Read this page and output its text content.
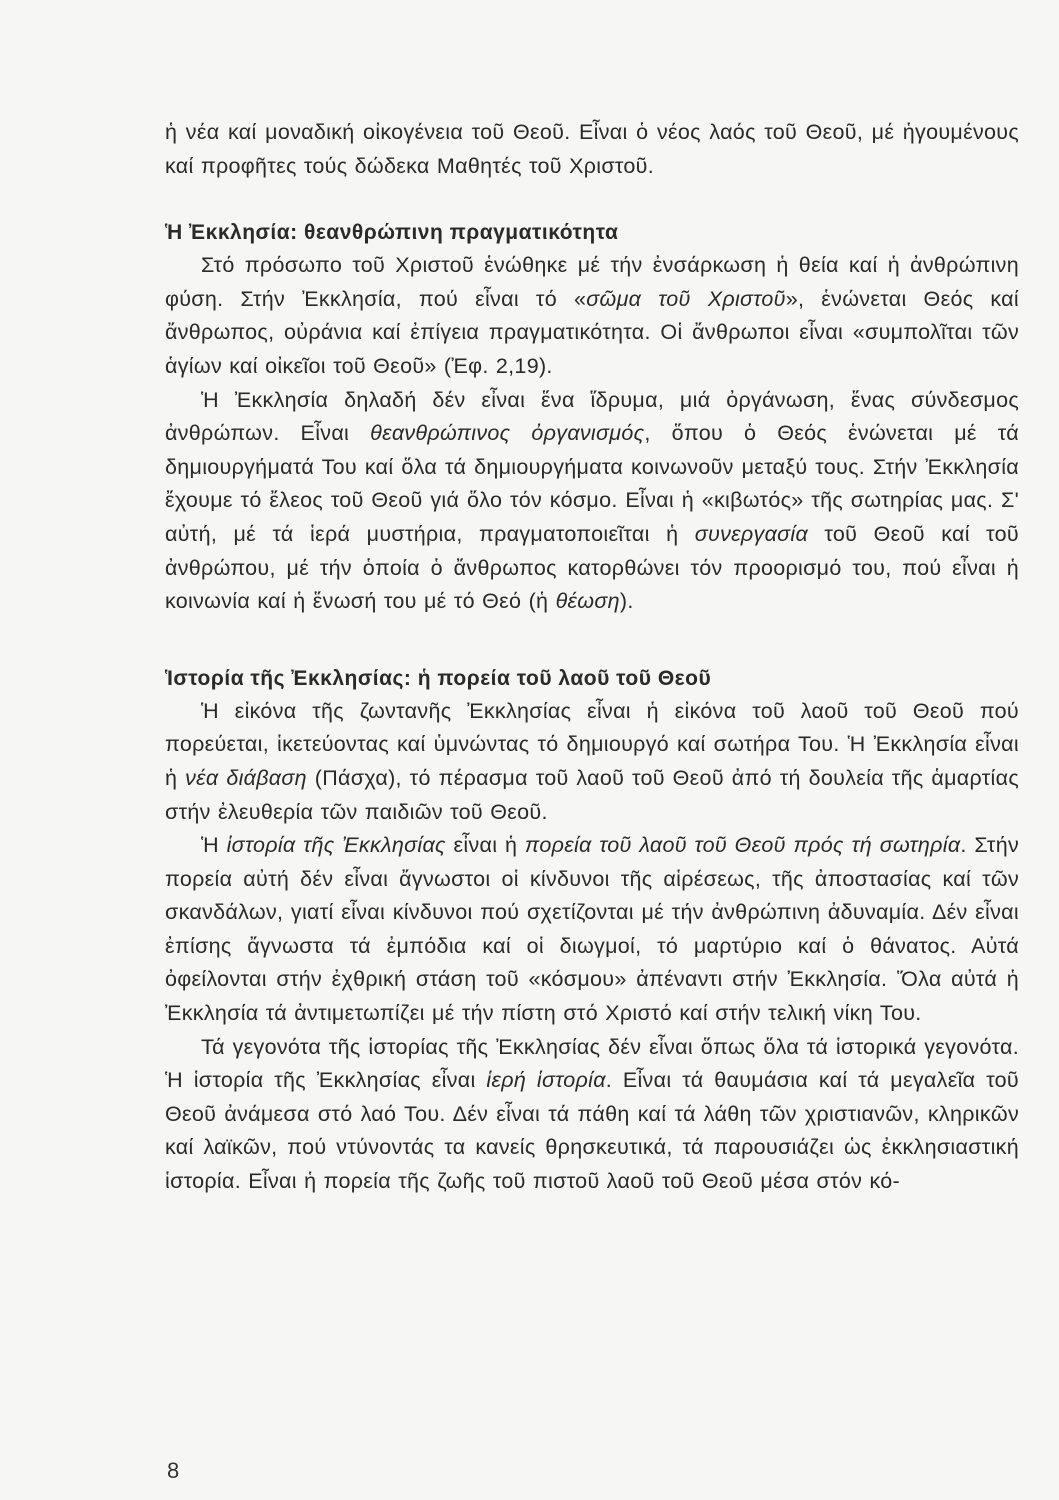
ἡ νέα καί μοναδική οἰκογένεια τοῦ Θεοῦ. Εἶναι ὁ νέος λαός τοῦ Θεοῦ, μέ ἡγουμένους καί προφῆτες τούς δώδεκα Μαθητές τοῦ Χριστοῦ.

Ἡ Ἐκκλησία: θεανθρώπινη πραγματικότητα

Στό πρόσωπο τοῦ Χριστοῦ ἑνώθηκε μέ τήν ἐνσάρκωση ἡ θεία καί ἡ ἀνθρώπινη φύση. Στήν Ἐκκλησία, πού εἶναι τό «σῶμα τοῦ Χριστοῦ», ἑνώνεται Θεός καί ἄνθρωπος, οὐράνια καί ἐπίγεια πραγματικότητα. Οἱ ἄνθρωποι εἶναι «συμπολῖται τῶν ἁγίων καί οἰκεῖοι τοῦ Θεοῦ» (Ἐφ. 2,19).

Ἡ Ἐκκλησία δηλαδή δέν εἶναι ἕνα ἵδρυμα, μιά ὀργάνωση, ἕνας σύνδεσμος ἀνθρώπων. Εἶναι θεανθρώπινος ὀργανισμός, ὅπου ὁ Θεός ἑνώνεται μέ τά δημιουργήματά Του καί ὅλα τά δημιουργήματα κοινωνοῦν μεταξύ τους. Στήν Ἐκκλησία ἔχουμε τό ἔλεος τοῦ Θεοῦ γιά ὅλο τόν κόσμο. Εἶναι ἡ «κιβωτός» τῆς σωτηρίας μας. Σ' αὐτή, μέ τά ἱερά μυστήρια, πραγματοποιεῖται ἡ συνεργασία τοῦ Θεοῦ καί τοῦ ἀνθρώπου, μέ τήν ὁποία ὁ ἄνθρωπος κατορθώνει τόν προορισμό του, πού εἶναι ἡ κοινωνία καί ἡ ἕνωσή του μέ τό Θεό (ἡ θέωση).

Ἱστορία τῆς Ἐκκλησίας: ἡ πορεία τοῦ λαοῦ τοῦ Θεοῦ

Ἡ εἰκόνα τῆς ζωντανῆς Ἐκκλησίας εἶναι ἡ εἰκόνα τοῦ λαοῦ τοῦ Θεοῦ πού πορεύεται, ἱκετεύοντας καί ὑμνώντας τό δημιουργό καί σωτήρα Του. Ἡ Ἐκκλησία εἶναι ἡ νέα διάβαση (Πάσχα), τό πέρασμα τοῦ λαοῦ τοῦ Θεοῦ ἀπό τή δουλεία τῆς ἁμαρτίας στήν ἐλευθερία τῶν παιδιῶν τοῦ Θεοῦ.

Ἡ ἱστορία τῆς Ἐκκλησίας εἶναι ἡ πορεία τοῦ λαοῦ τοῦ Θεοῦ πρός τή σωτηρία. Στήν πορεία αὐτή δέν εἶναι ἄγνωστοι οἱ κίνδυνοι τῆς αἱρέσεως, τῆς ἀποστασίας καί τῶν σκανδάλων, γιατί εἶναι κίνδυνοι πού σχετίζονται μέ τήν ἀνθρώπινη ἀδυναμία. Δέν εἶναι ἐπίσης ἄγνωστα τά ἐμπόδια καί οἱ διωγμοί, τό μαρτύριο καί ὁ θάνατος. Αὐτά ὀφείλονται στήν ἐχθρική στάση τοῦ «κόσμου» ἀπέναντι στήν Ἐκκλησία. Ὅλα αὐτά ἡ Ἐκκλησία τά ἀντιμετωπίζει μέ τήν πίστη στό Χριστό καί στήν τελική νίκη Του.

Τά γεγονότα τῆς ἱστορίας τῆς Ἐκκλησίας δέν εἶναι ὅπως ὅλα τά ἱστορικά γεγονότα. Ἡ ἱστορία τῆς Ἐκκλησίας εἶναι ἱερή ἱστορία. Εἶναι τά θαυμάσια καί τά μεγαλεῖα τοῦ Θεοῦ ἀνάμεσα στό λαό Του. Δέν εἶναι τά πάθη καί τά λάθη τῶν χριστιανῶν, κληρικῶν καί λαϊκῶν, πού ντύνοντάς τα κανείς θρησκευτικά, τά παρουσιάζει ὡς ἐκκλησιαστική ἱστορία. Εἶναι ἡ πορεία τῆς ζωῆς τοῦ πιστοῦ λαοῦ τοῦ Θεοῦ μέσα στόν κό-

8
